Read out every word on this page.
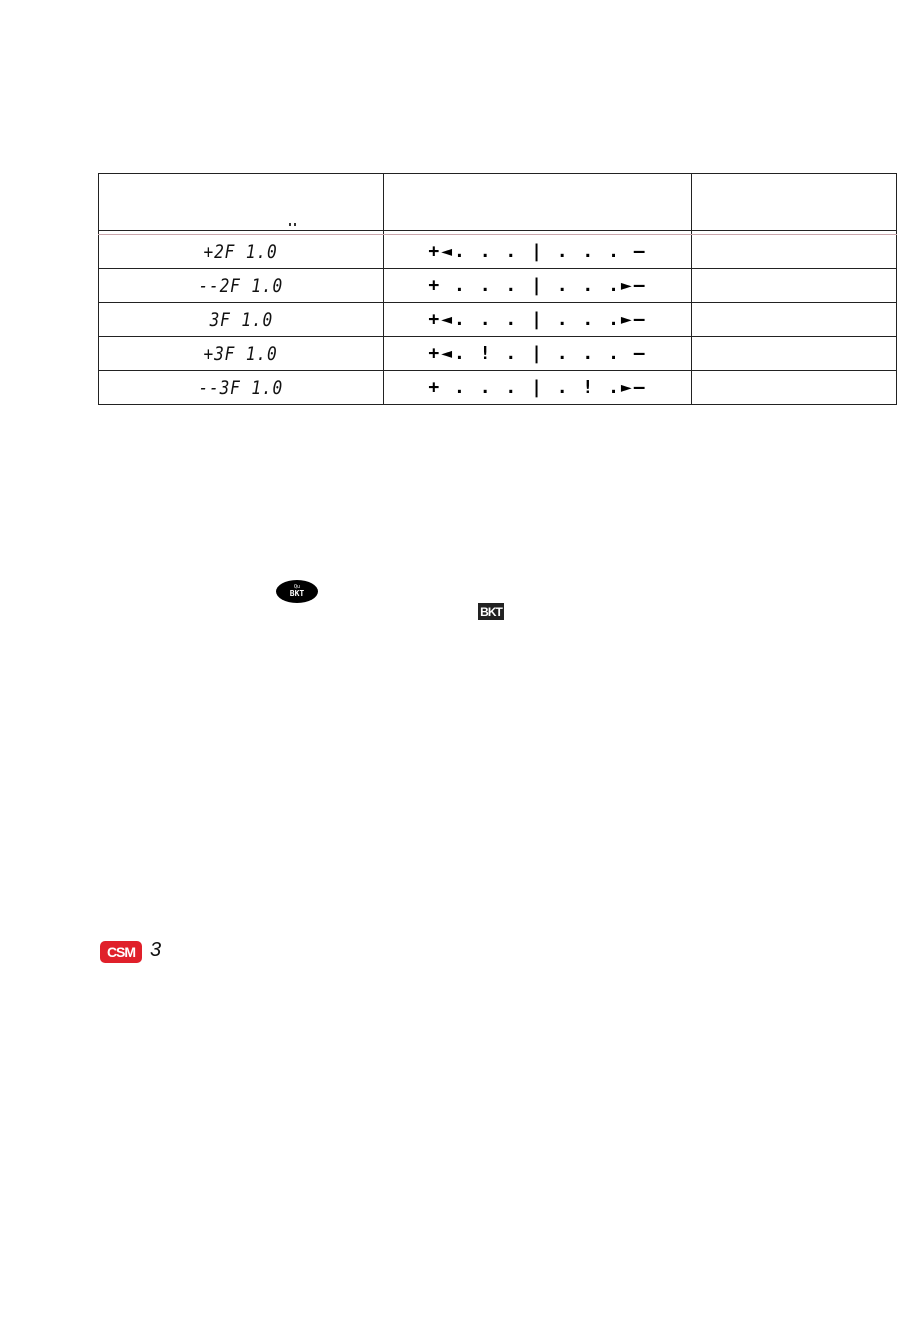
+2F 1.0	+◄. . . | . . . –	
--2F 1.0	+ . . . | . . .►–	
3F 1.0	+◄. . . | . . .►–	
+3F 1.0	+◄. ! . | . . . –	
--3F 1.0	+ . . . | . ! .►–	
Qu
BKT
BKT
CSM 3
